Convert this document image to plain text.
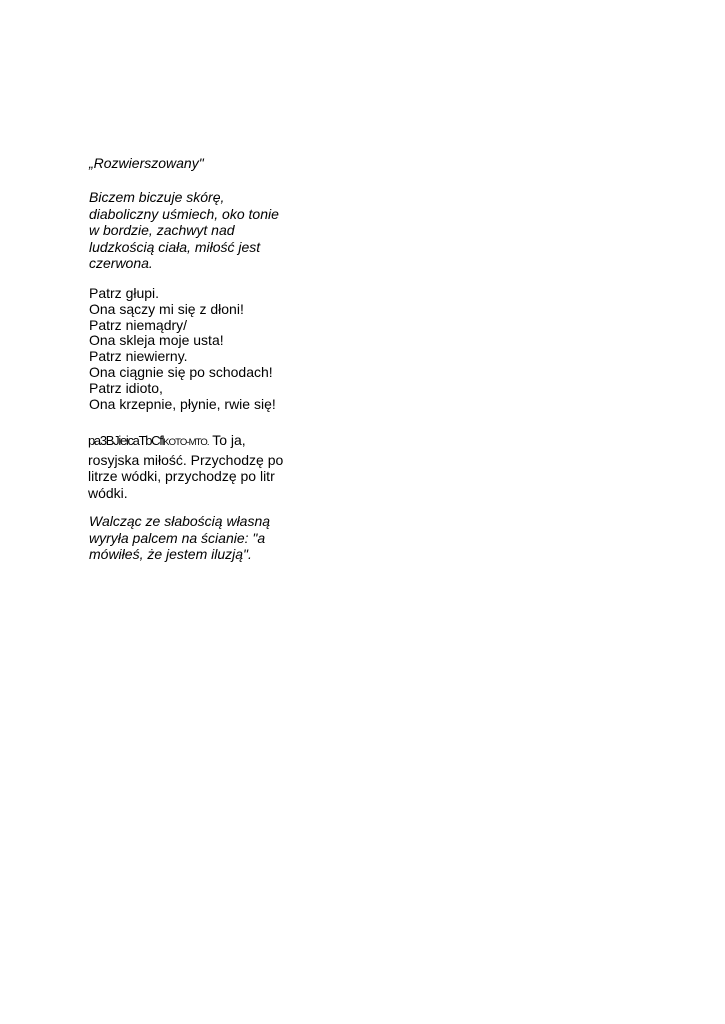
„Rozwierszowany"

Biczem biczuje skórę,
diaboliczny uśmiech, oko tonie
w bordzie, zachwyt nad
ludzkością ciała, miłość jest
czerwona.
Patrz głupi.
Ona sączy mi się z dłoni!
Patrz niemądry/
Ona skleja moje usta!
Patrz niewierny.
Ona ciągnie się po schodach!
Patrz idioto,
Ona krzepnie, płynie, rwie się!
pa3BJieicaTbCflKOTO-MTO. To ja,
rosyjska miłość. Przychodzę po
litrze wódki, przychodzę po litr
wódki.
Walcząc ze słabością własną
wyryła palcem na ścianie: "a
mówiłeś, że jestem iluzją".
